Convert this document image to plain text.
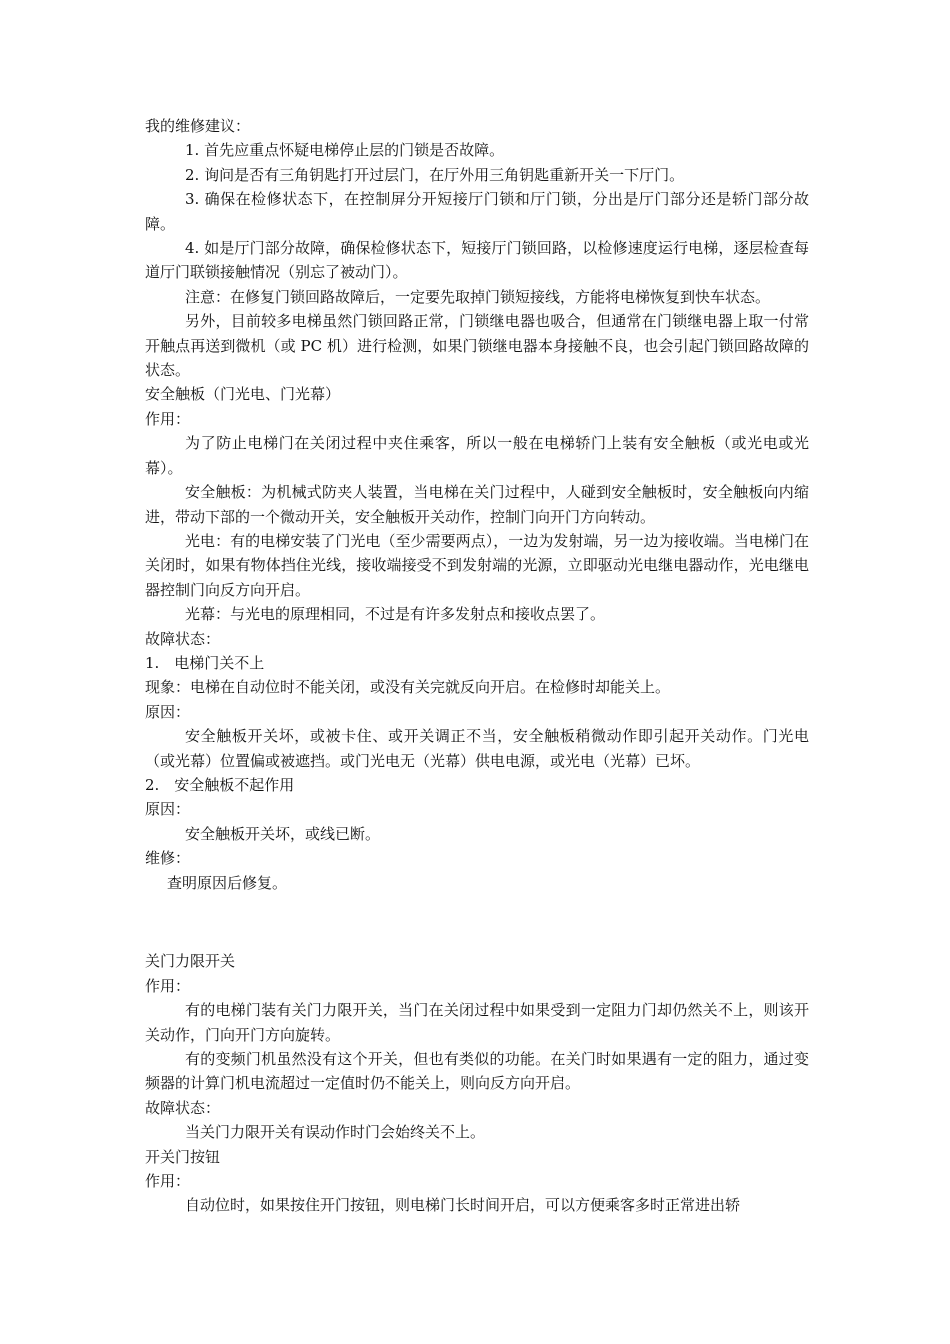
我的维修建议：

1. 首先应重点怀疑电梯停止层的门锁是否故障。

2. 询问是否有三角钥匙打开过层门，在厅外用三角钥匙重新开关一下厅门。

3. 确保在检修状态下，在控制屏分开短接厅门锁和厅门锁，分出是厅门部分还是轿门部分故障。

4. 如是厅门部分故障，确保检修状态下，短接厅门锁回路，以检修速度运行电梯，逐层检查每道厅门联锁接触情况（别忘了被动门）。

注意：在修复门锁回路故障后，一定要先取掉门锁短接线，方能将电梯恢复到快车状态。

另外，目前较多电梯虽然门锁回路正常，门锁继电器也吸合，但通常在门锁继电器上取一付常开触点再送到微机（或 PC 机）进行检测，如果门锁继电器本身接触不良，也会引起门锁回路故障的状态。

安全触板（门光电、门光幕）

作用：

为了防止电梯门在关闭过程中夹住乘客，所以一般在电梯轿门上装有安全触板（或光电或光幕）。

安全触板：为机械式防夹人装置，当电梯在关门过程中，人碰到安全触板时，安全触板向内缩进，带动下部的一个微动开关，安全触板开关动作，控制门向开门方向转动。

光电：有的电梯安装了门光电（至少需要两点），一边为发射端，另一边为接收端。当电梯门在关闭时，如果有物体挡住光线，接收端接受不到发射端的光源，立即驱动光电继电器动作，光电继电器控制门向反方向开启。

光幕：与光电的原理相同，不过是有许多发射点和接收点罢了。

故障状态：

1.　电梯门关不上

现象：电梯在自动位时不能关闭，或没有关完就反向开启。在检修时却能关上。

原因：

安全触板开关坏，或被卡住、或开关调正不当，安全触板稍微动作即引起开关动作。门光电（或光幕）位置偏或被遮挡。或门光电无（光幕）供电电源，或光电（光幕）已坏。

2.　安全触板不起作用

原因：

安全触板开关坏，或线已断。

维修：

查明原因后修复。

关门力限开关

作用：

有的电梯门装有关门力限开关，当门在关闭过程中如果受到一定阻力门却仍然关不上，则该开关动作，门向开门方向旋转。

有的变频门机虽然没有这个开关，但也有类似的功能。在关门时如果遇有一定的阻力，通过变频器的计算门机电流超过一定值时仍不能关上，则向反方向开启。

故障状态：

当关门力限开关有误动作时门会始终关不上。

开关门按钮

作用：

自动位时，如果按住开门按钮，则电梯门长时间开启，可以方便乘客多时正常进出轿
